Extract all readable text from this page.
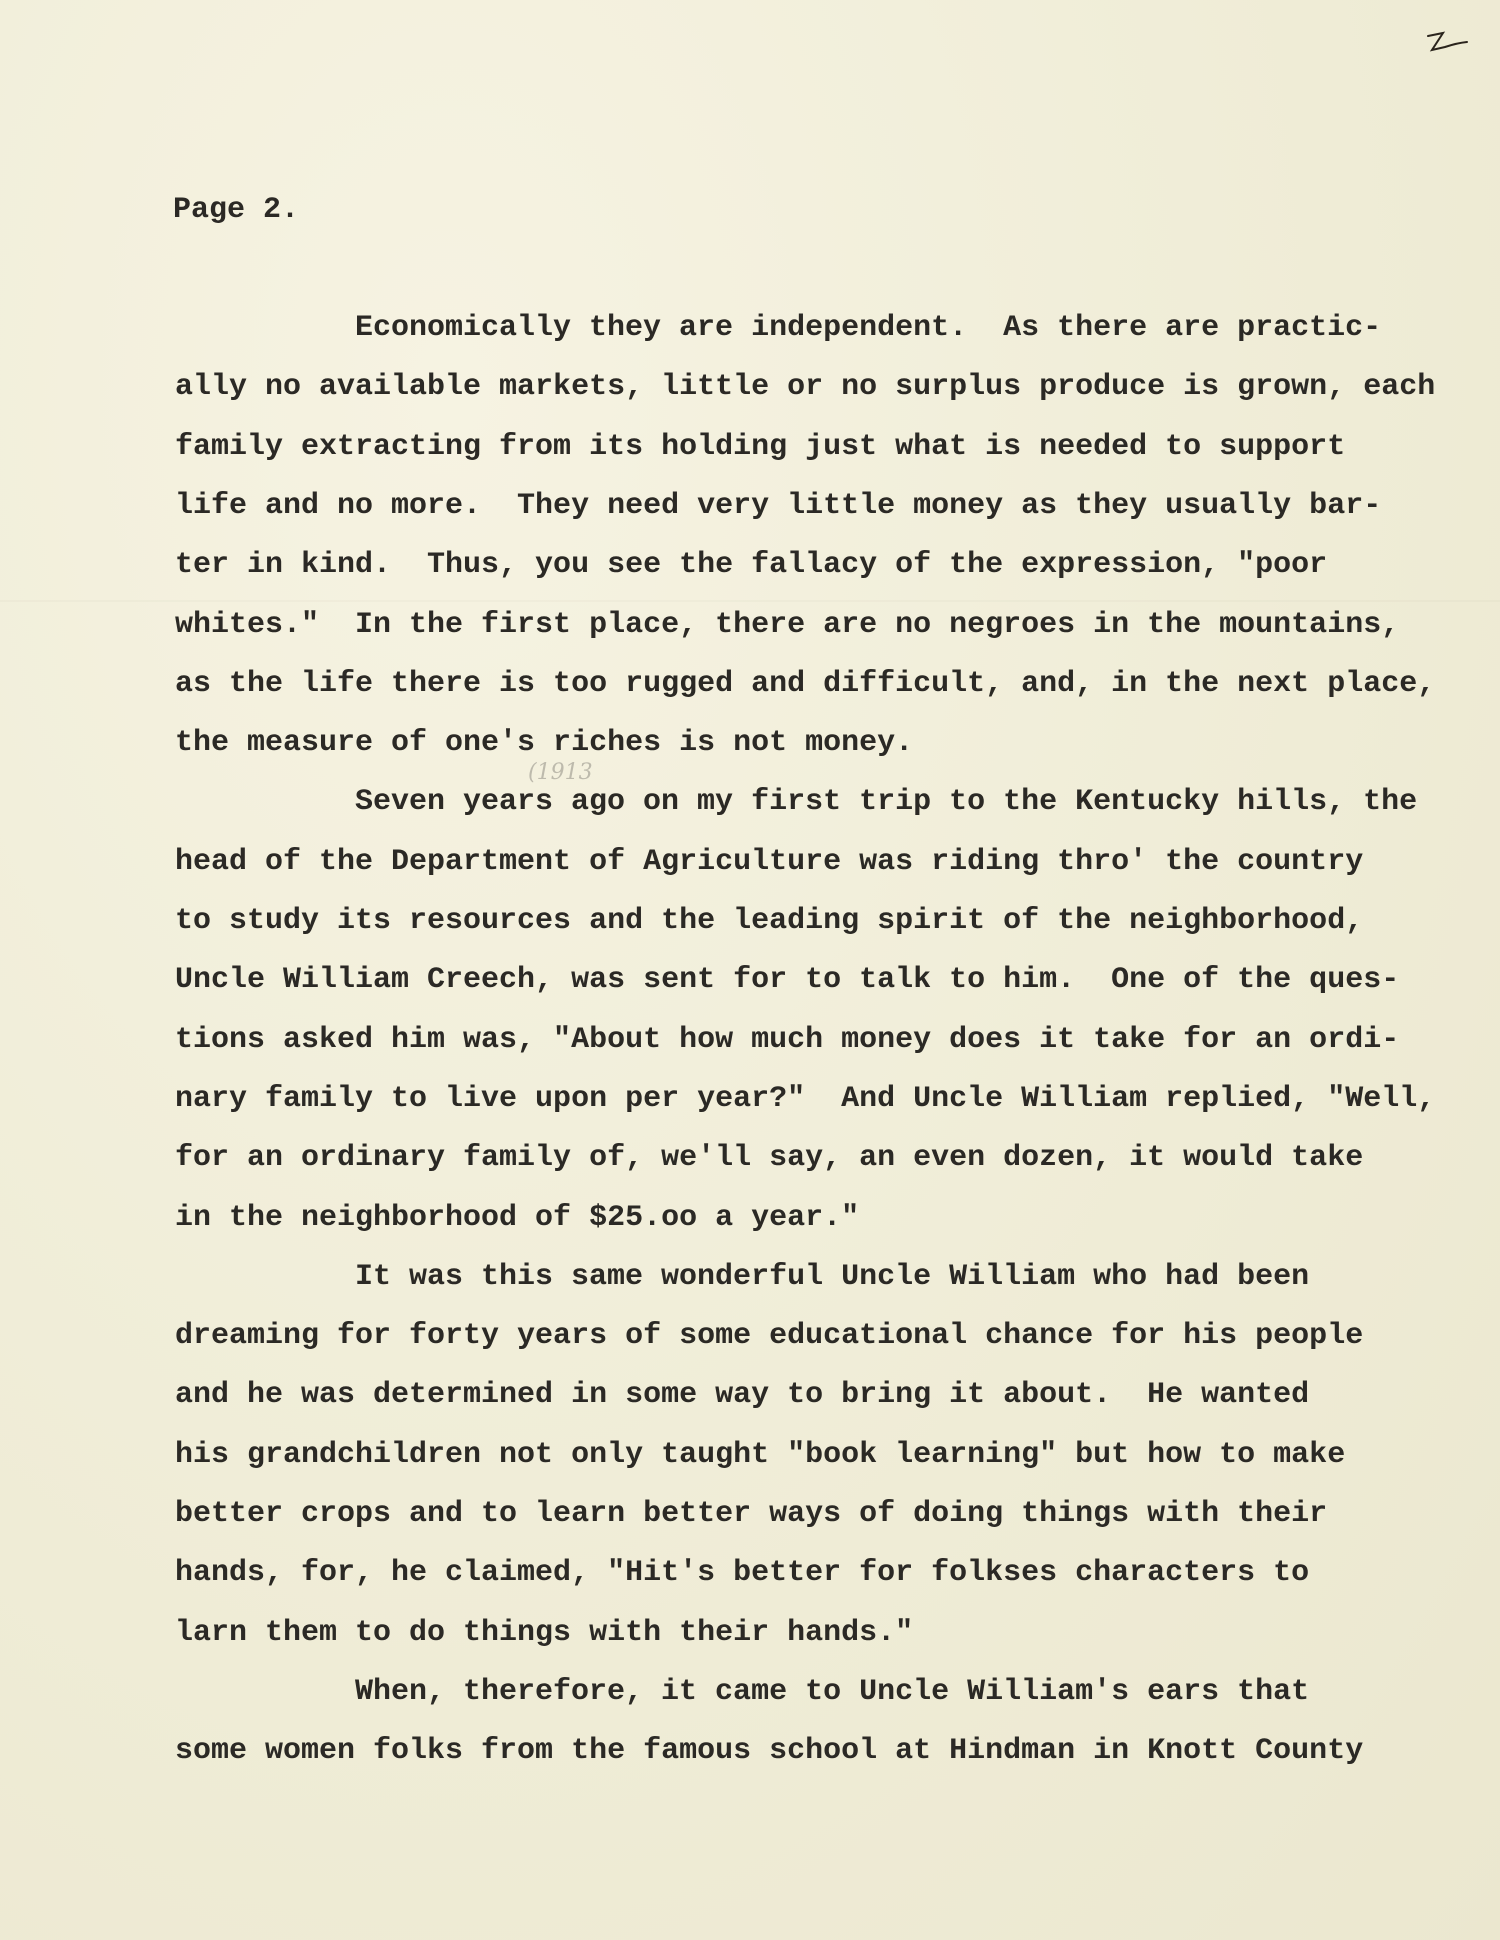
Page 2.
(1913
Economically they are independent.  As there are practic-
ally no available markets, little or no surplus produce is grown, each
family extracting from its holding just what is needed to support
life and no more.  They need very little money as they usually bar-
ter in kind.  Thus, you see the fallacy of the expression, "poor
whites."  In the first place, there are no negroes in the mountains,
as the life there is too rugged and difficult, and, in the next place,
the measure of one's riches is not money.
Seven years ago on my first trip to the Kentucky hills, the
head of the Department of Agriculture was riding thro' the country
to study its resources and the leading spirit of the neighborhood,
Uncle William Creech, was sent for to talk to him.  One of the ques-
tions asked him was, "About how much money does it take for an ordi-
nary family to live upon per year?"  And Uncle William replied, "Well,
for an ordinary family of, we'll say, an even dozen, it would take
in the neighborhood of $25.oo a year."
It was this same wonderful Uncle William who had been
dreaming for forty years of some educational chance for his people
and he was determined in some way to bring it about.  He wanted
his grandchildren not only taught "book learning" but how to make
better crops and to learn better ways of doing things with their
hands, for, he claimed, "Hit's better for folkses characters to
larn them to do things with their hands."
When, therefore, it came to Uncle William's ears that
some women folks from the famous school at Hindman in Knott County
